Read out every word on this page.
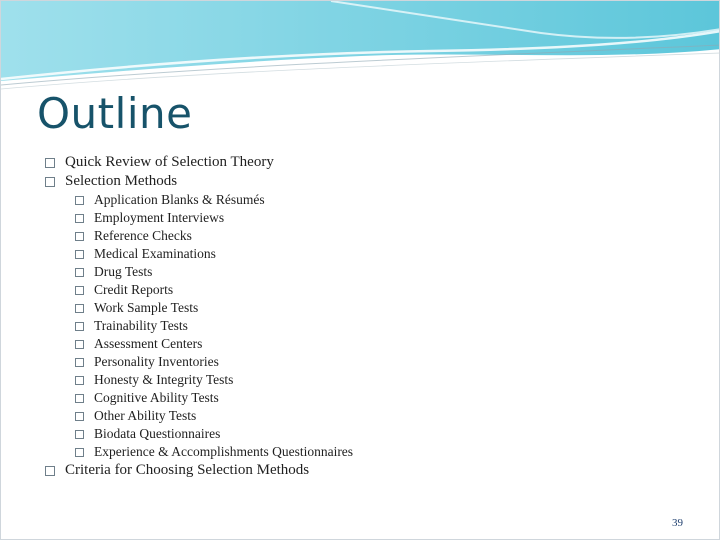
Outline
Quick Review of Selection Theory
Selection Methods
Application Blanks & Résumés
Employment Interviews
Reference Checks
Medical Examinations
Drug Tests
Credit Reports
Work Sample Tests
Trainability Tests
Assessment Centers
Personality Inventories
Honesty & Integrity Tests
Cognitive Ability Tests
Other Ability Tests
Biodata Questionnaires
Experience & Accomplishments Questionnaires
Criteria for Choosing Selection Methods
39
